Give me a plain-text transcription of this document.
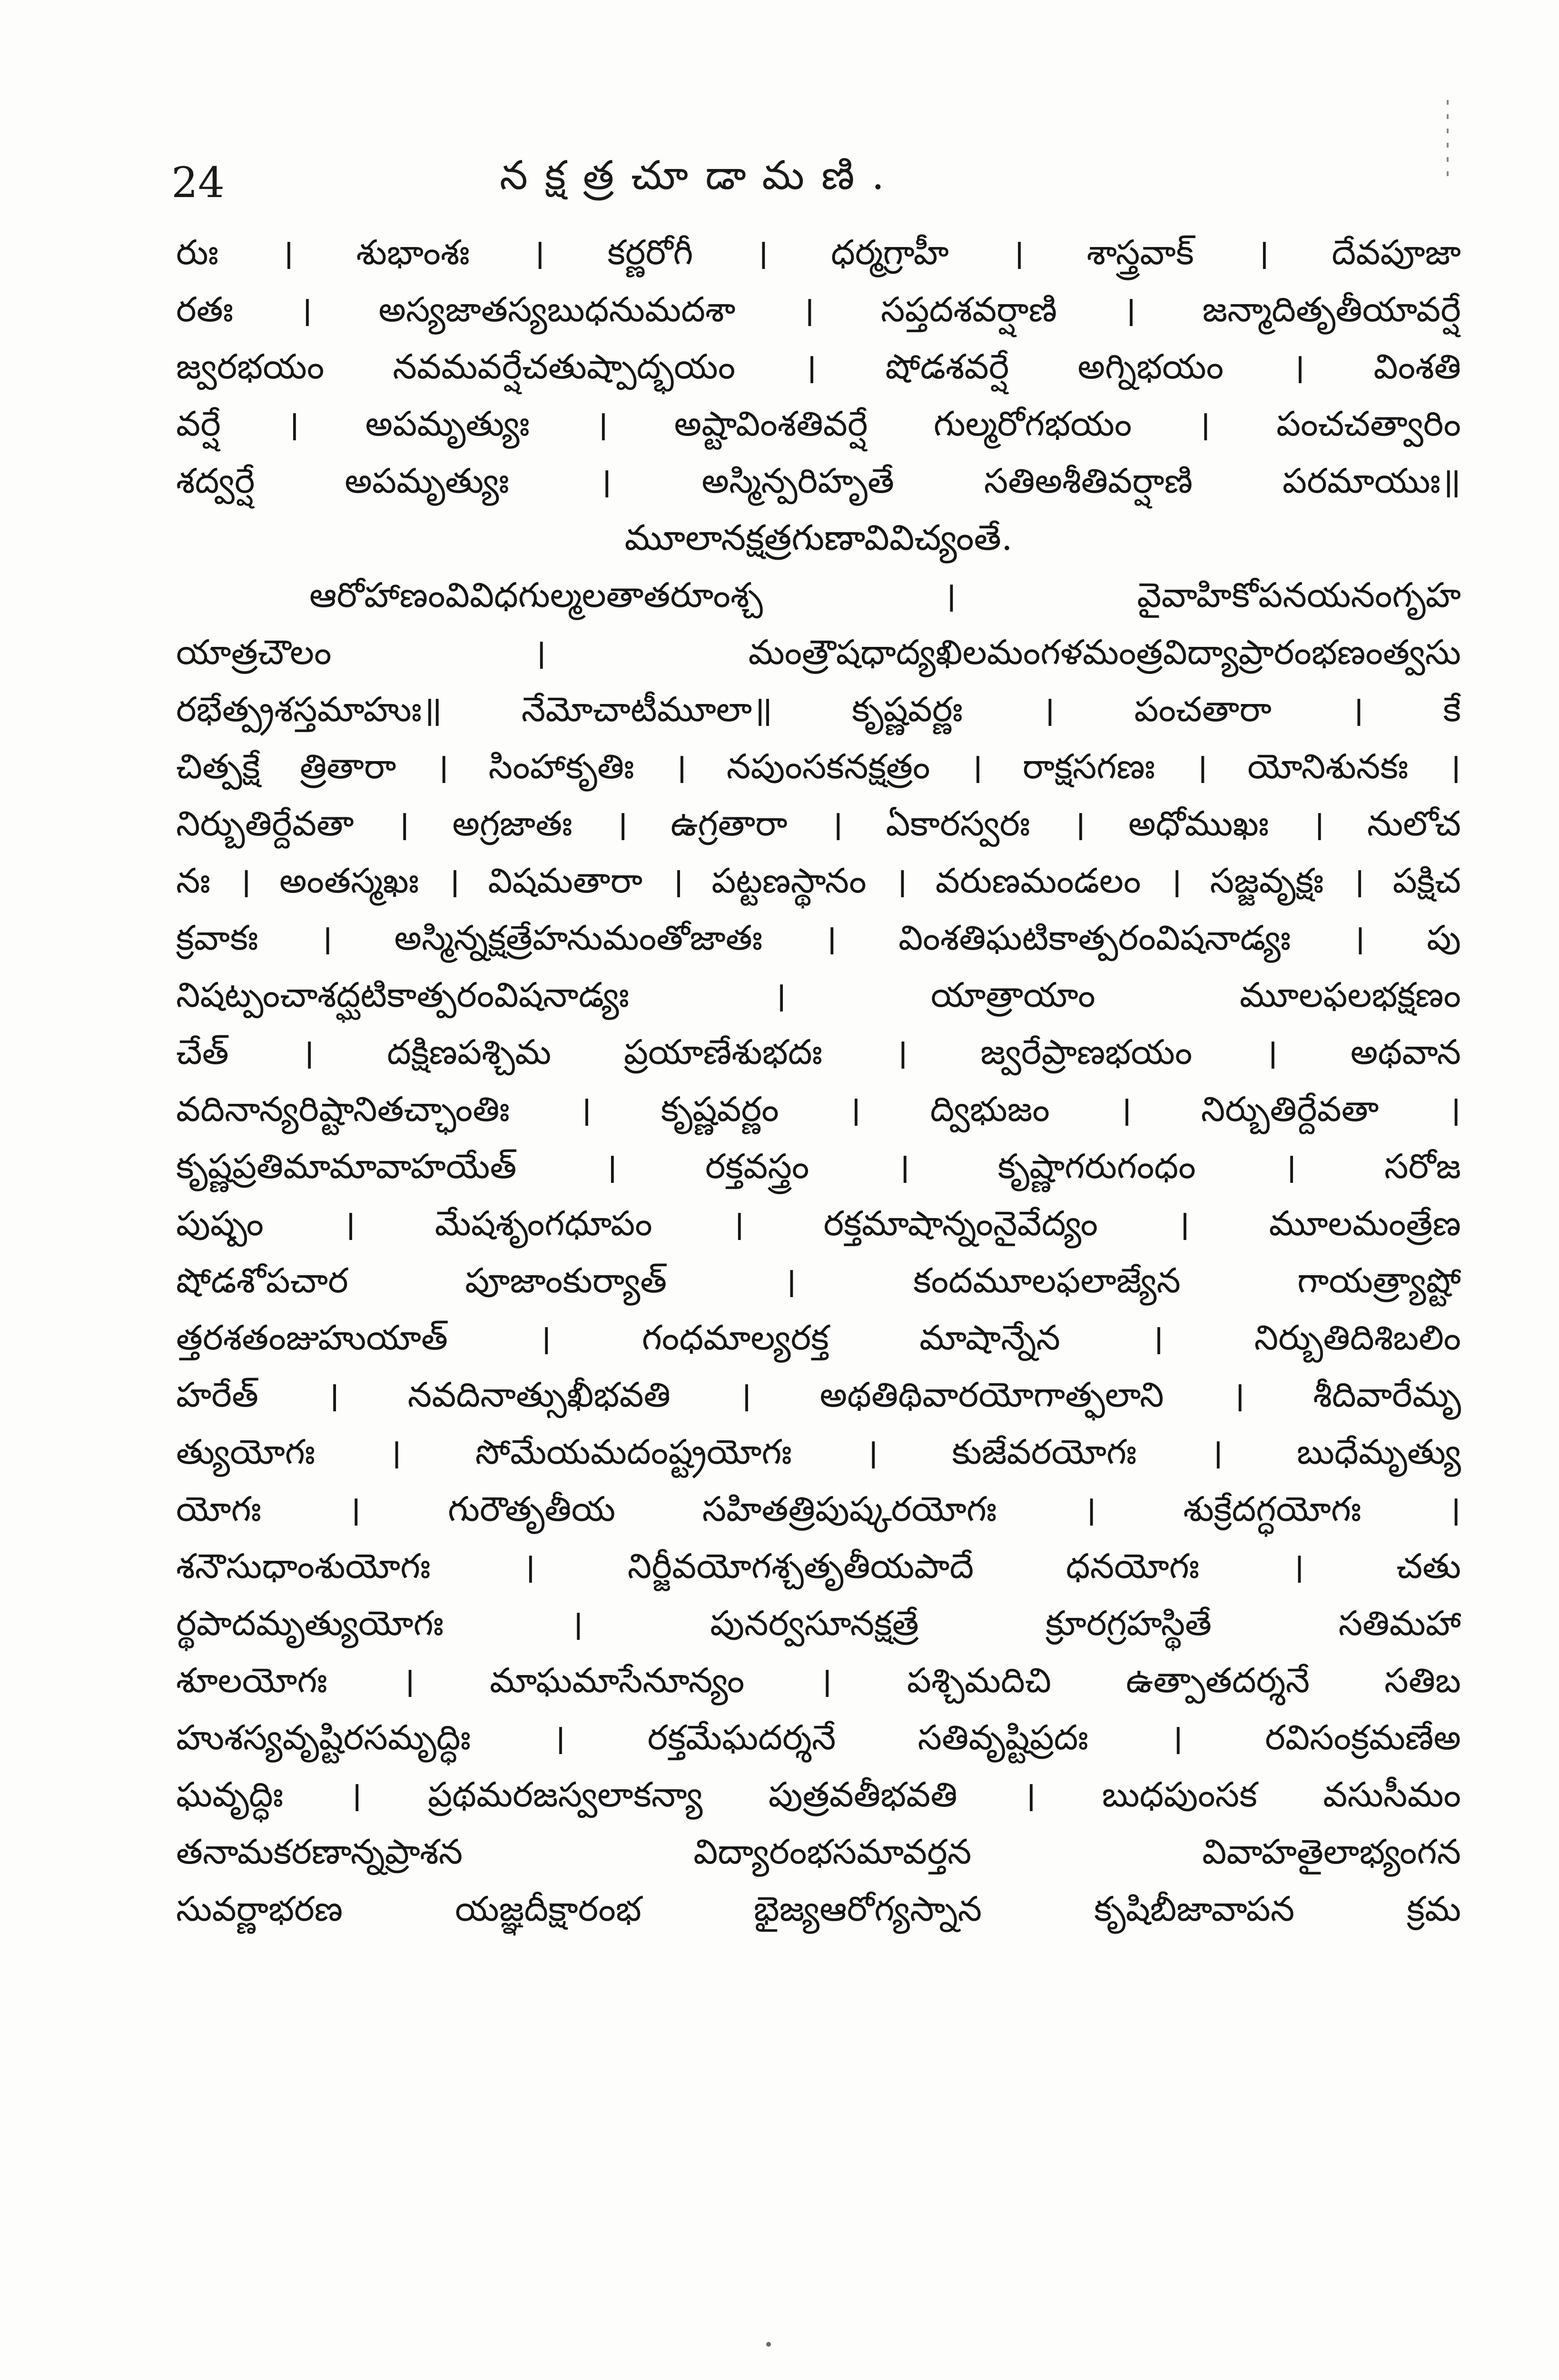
24	నక్షత్రచూడామణి.
రుః । శుభాంశః । కర్ణరోగీ । ధర్మగ్రాహీ । శాస్త్రవాక్ । దేవపూజా
రతః । అస్యజాతస్యబుధనుమదశా । సప్తదశవర్షాణి । జన్మాదితృతీయావర్షే
జ్వరభయం నవమవర్షేచతుష్పాద్భయం । షోడశవర్షే అగ్నిభయం । వింశతి
వర్షే । అపమృత్యుః । అష్టావింశతివర్షే గుల్మరోగభయం । పంచచత్వారిం
శద్వర్షే అపమృత్యుః । అస్మిన్పరిహృతే సతిఅశీతివర్షాణి పరమాయుః॥
మూలానక్షత్రగుణావివిచ్యంతే.
ఆరోహాణంవివిధగుల్మలతాతరూంశ్చ । వైవాహికోపనయనంగృహ
యాత్రచౌలం । మంత్రౌషధాద్యఖిలమంగళమంత్రవిద్యాప్రారంభణంత్వసు
రభేత్ప్రశస్తమాహుః॥ నేమోచాటీమూలా॥ కృష్ణవర్ణః । పంచతారా । కే
చిత్పక్షే త్రితారా । సింహాకృతిః । నపుంసకనక్షత్రం । రాక్షసగణః । యోనిశునకః ।
నిర్బుతిర్దేవతా । అగ్రజాతః । ఉగ్రతారా । ఏకారస్వరః । అధోముఖః । నులోచ
నః । అంతస్మఖః । విషమతారా । పట్టణస్థానం । వరుణమండలం । సజ్జవృక్షః । పక్షిచ
క్రవాకః । అస్మిన్నక్షత్రేహనుమంతోజాతః । వింశతిఘటికాత్పరంవిషనాడ్యః । పు
నిషట్పంచాశద్ఘటికాత్పరంవిషనాడ్యః । యాత్రాయాం మూలఫలభక్షణం
చేత్ । దక్షిణపశ్చిమ ప్రయాణేశుభదః । జ్వరేప్రాణభయం । అథవాన
వదినాన్యరిష్టానితచ్ఛాంతిః । కృష్ణవర్ణం । ద్విభుజం । నిర్బుతిర్దేవతా ।
కృష్ణప్రతిమామావాహయేత్ । రక్తవస్త్రం । కృష్ణాగరుగంధం । సరోజ
పుష్పం । మేషశృంగధూపం । రక్తమాషాన్నంనైవేద్యం । మూలమంత్రేణ
షోడశోపచార పూజాంకుర్యాత్ । కందమూలఫలాజ్యేన గాయత్ర్యాష్టో
త్తరశతంజుహుయాత్ । గంధమాల్యరక్త మాషాన్నేన । నిర్బుతిదిశిబలిం
హరేత్ । నవదినాత్సుఖీభవతి । అథతిథివారయోగాత్ఫలాని । శీదివారేమృ
త్యుయోగః । సోమేయమదంష్ట్రయోగః । కుజేవరయోగః । బుధేమృత్యు
యోగః । గురౌతృతీయ సహితత్రిపుష్కరయోగః । శుక్రేదగ్ధయోగః ।
శనౌసుధాంశుయోగః । నిర్జీవయోగశ్చతృతీయపాదే ధనయోగః । చతు
ర్థపాదమృత్యుయోగః । పునర్వసూనక్షత్రే క్రూరగ్రహస్థితే సతిమహా
శూలయోగః । మాఘమాసేనూన్యం । పశ్చిమదిచి ఉత్పాతదర్శనే సతిబ
హుశస్యవృష్టిరసమృద్ధిః । రక్తమేఘదర్శనే సతివృష్టిప్రదః । రవిసంక్రమణేఅ
ఘవృద్ధిః । ప్రథమరజస్వలాకన్యా పుత్రవతీభవతి । బుధపుంసక వసుసీమం
తనామకరణాన్నప్రాశన విద్యారంభసమావర్తన వివాహతైలాభ్యంగన
సువర్ణాభరణ యజ్ఞదీక్షారంభ భైజ్యఆరోగ్యస్నాన కృషిబీజావాపన క్రమ
